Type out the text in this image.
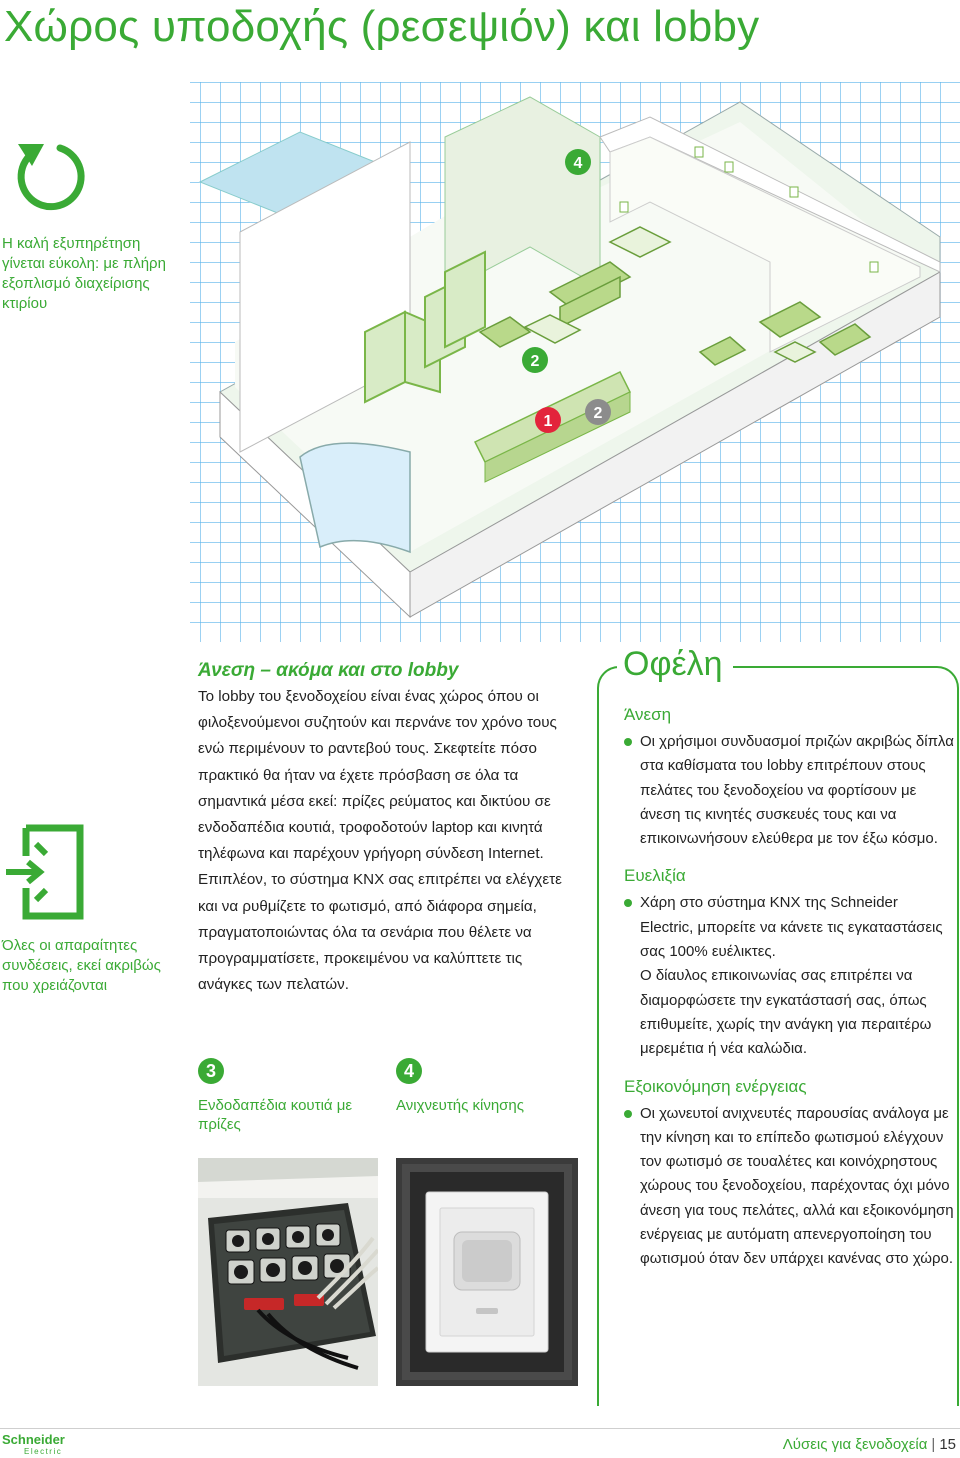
Χώρος υποδοχής (ρεσεψιόν) και lobby
Η καλή εξυπηρέτηση γίνεται εύκολη: με πλήρη εξοπλισμό διαχείρισης κτιρίου
4
2
1	2
Όλες οι απαραίτητες συνδέσεις, εκεί ακριβώς που χρειάζονται
Άνεση – ακόμα και στο lobby

Το lobby του ξενοδοχείου είναι ένας χώρος όπου οι φιλοξενούμενοι συζητούν και περνάνε τον χρόνο τους ενώ περιμένουν το ραντεβού τους. Σκεφτείτε πόσο πρακτικό θα ήταν να έχετε πρόσβαση σε όλα τα σημαντικά μέσα εκεί: πρίζες ρεύματος και δικτύου σε ενδοδαπέδια κουτιά, τροφοδοτούν laptop και κινητά τηλέφωνα και παρέχουν γρήγορη σύνδεση Internet. Επιπλέον, το σύστημα KNX σας επιτρέπει να ελέγχετε και να ρυθμίζετε το φωτισμό, από διάφορα σημεία, πραγματοποιώντας όλα τα σενάρια που θέλετε να προγραμματίσετε, προκειμένου να καλύπτετε τις ανάγκες των πελατών.

3
Ενδοδαπέδια κουτιά με πρίζες
4
Ανιχνευτής κίνησης
Οφέλη
Άνεση

Οι χρήσιμοι συνδυασμοί πριζών ακριβώς δίπλα στα καθίσματα του lobby επιτρέπουν στους πελάτες του ξενοδοχείου να φορτίσουν με άνεση τις κινητές συσκευές τους και να επικοινωνήσουν ελεύθερα με τον έξω κόσμο.

Ευελιξία

Χάρη στο σύστημα KNX της Schneider Electric, μπορείτε να κάνετε τις εγκαταστάσεις σας 100% ευέλικτες.

Ο δίαυλος επικοινωνίας σας επιτρέπει να διαμορφώσετε την εγκατάστασή σας, όπως επιθυμείτε, χωρίς την ανάγκη για περαιτέρω μερεμέτια ή νέα καλώδια.

Εξοικονόμηση ενέργειας

Οι χωνευτοί ανιχνευτές παρουσίας ανάλογα με την κίνηση και το επίπεδο φωτισμού ελέγχουν τον φωτισμό σε τουαλέτες και κοινόχρηστους χώρους του ξενοδοχείου, παρέχοντας όχι μόνο άνεση για τους πελάτες, αλλά και εξοικονόμηση ενέργειας με αυτόματη απενεργοποίηση του φωτισμού όταν δεν υπάρχει κανένας στο χώρο.

Schneider
Electric	Λύσεις για ξενοδοχεία | 15
